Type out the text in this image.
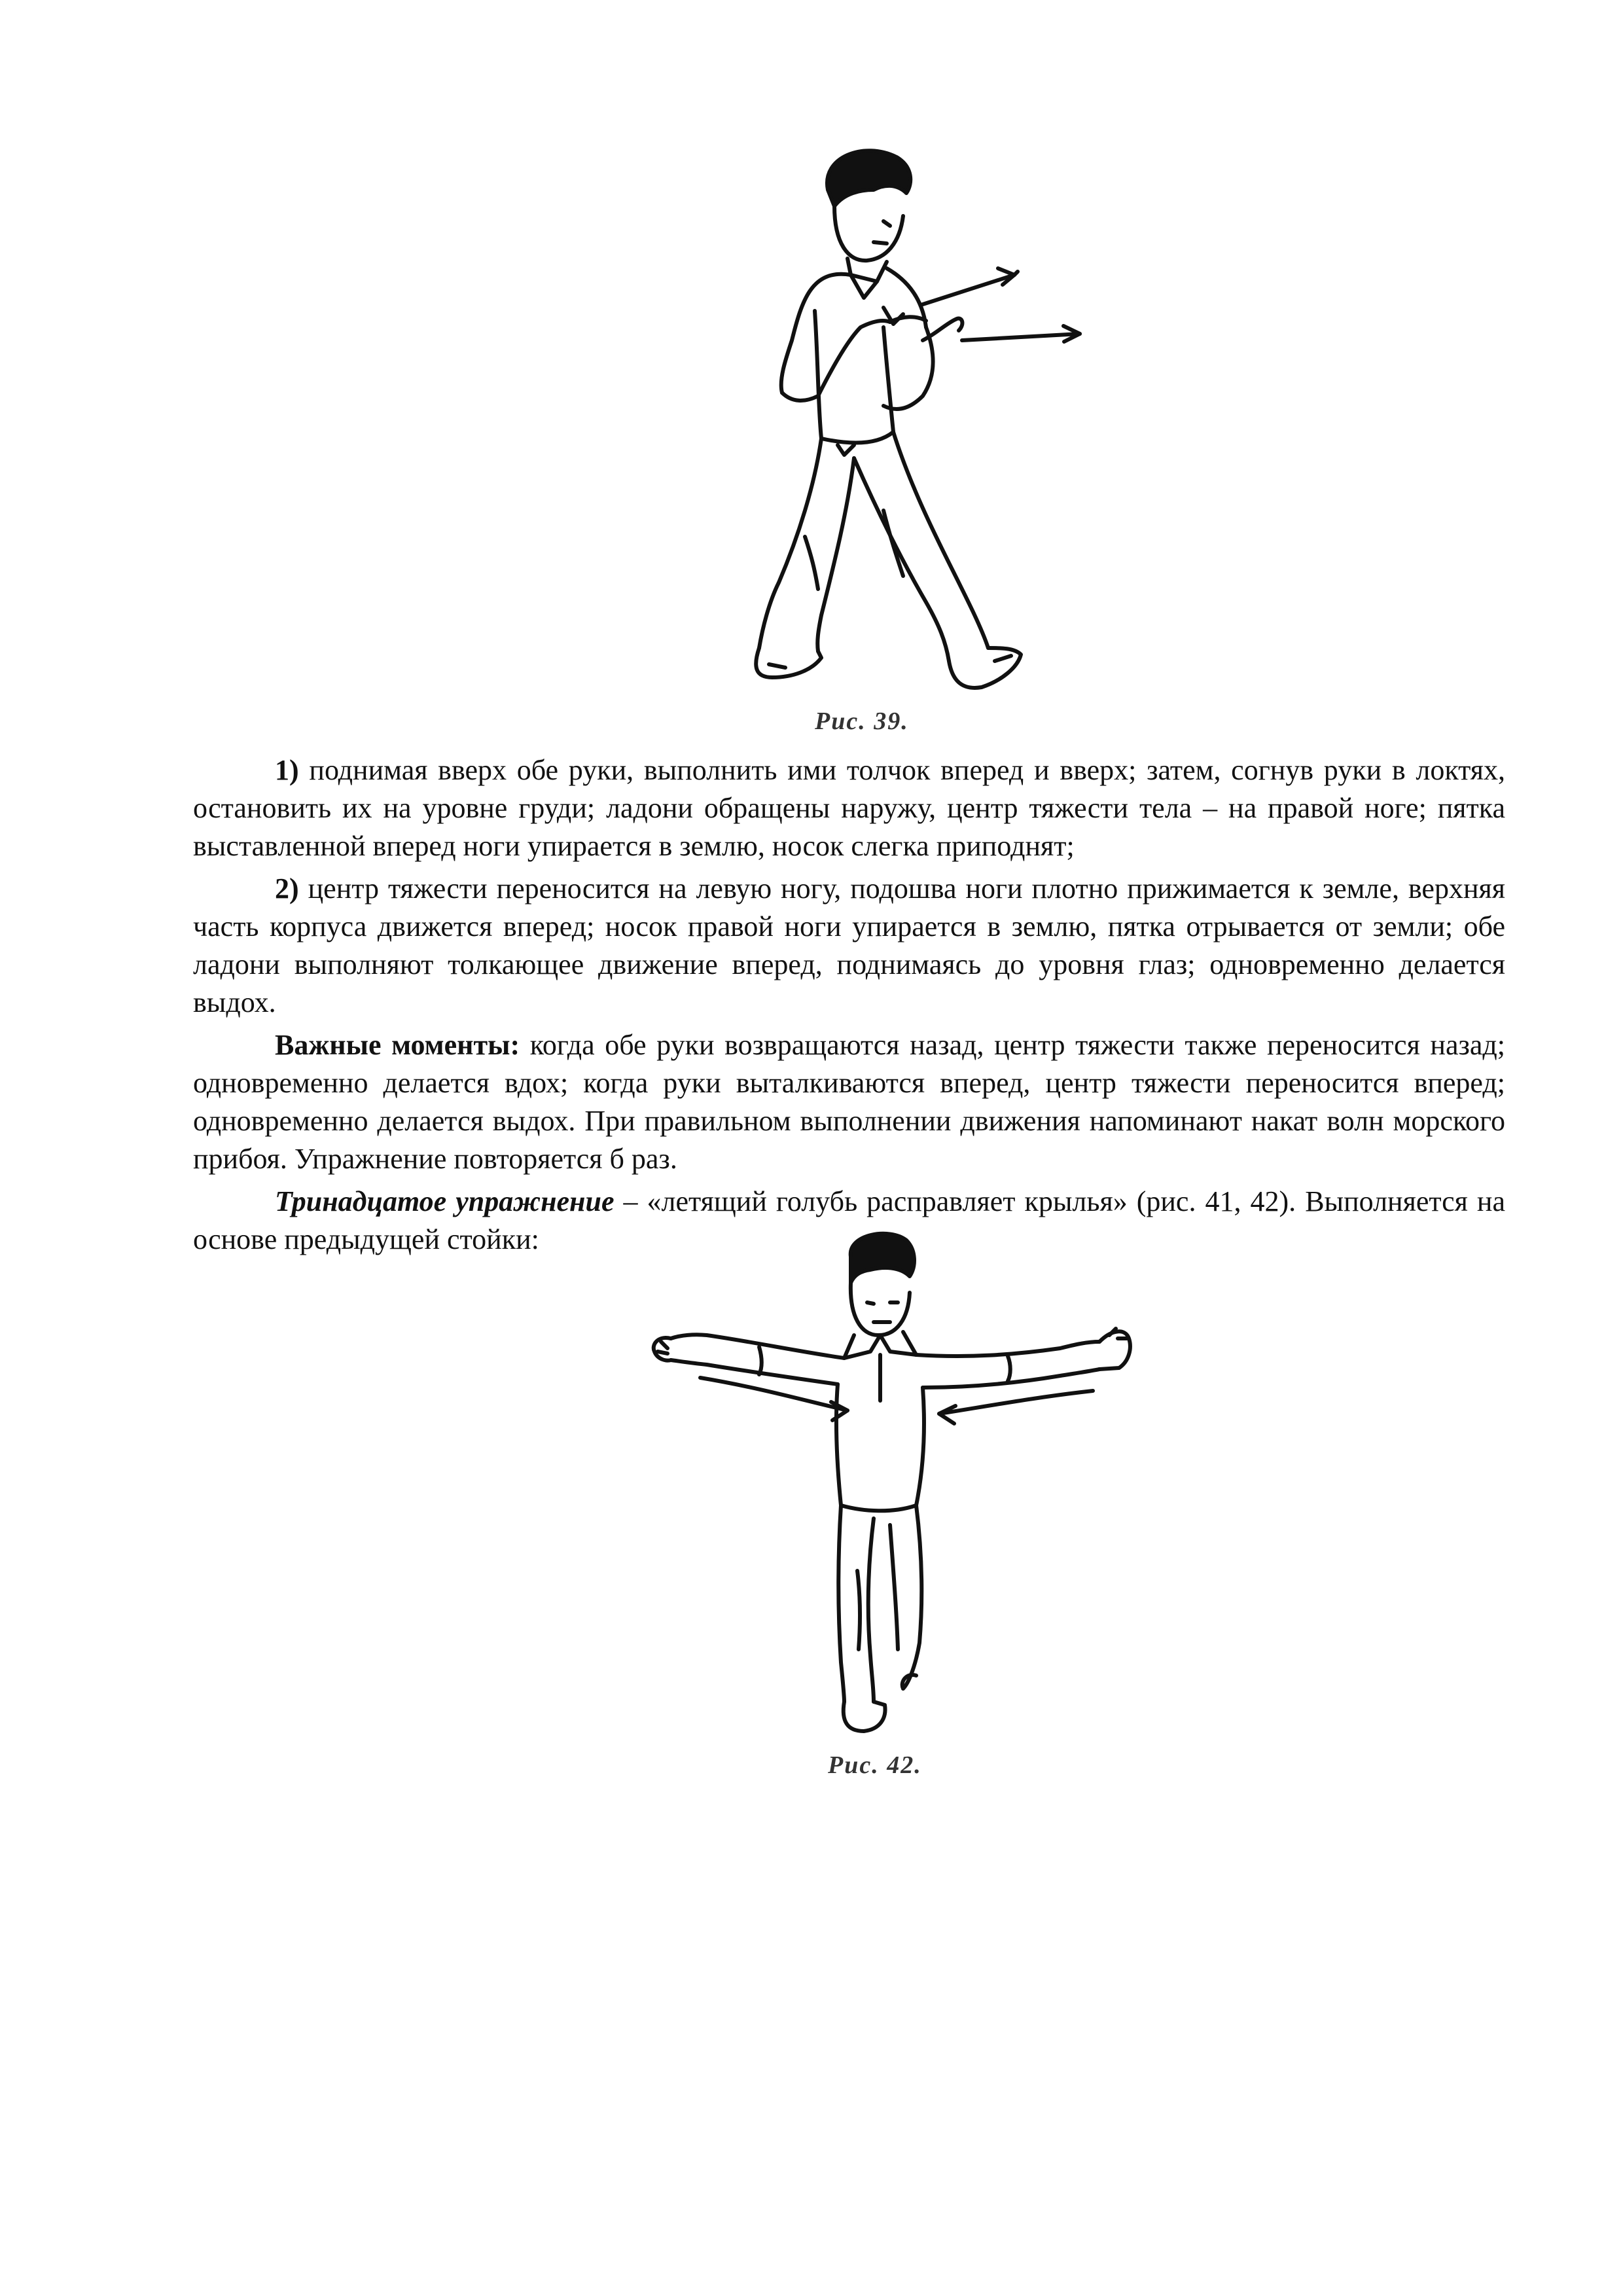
Рис. 39.

1) поднимая вверх обе руки, выполнить ими толчок вперед и вверх; затем, согнув руки в локтях, остановить их на уровне груди; ладони обращены наружу, центр тяжести тела – на правой ноге; пятка выставленной вперед ноги упирается в землю, носок слегка приподнят;

2) центр тяжести переносится на левую ногу, подошва ноги плотно прижимается к земле, верхняя часть корпуса движется вперед; носок правой ноги упирается в землю, пятка отрывается от земли; обе ладони выполняют толкающее движение вперед, поднимаясь до уровня глаз; одновременно делается выдох.

Важные моменты: когда обе руки возвращаются назад, центр тяжести также переносится назад; одновременно делается вдох; когда руки выталкиваются вперед, центр тяжести переносится вперед; одновременно делается выдох. При правильном выполнении движения напоминают накат волн морского прибоя. Упражнение повторяется б раз.

Тринадцатое упражнение – «летящий голубь расправляет крылья» (рис. 41, 42). Выполняется на основе предыдущей стойки:

Рис. 42.
